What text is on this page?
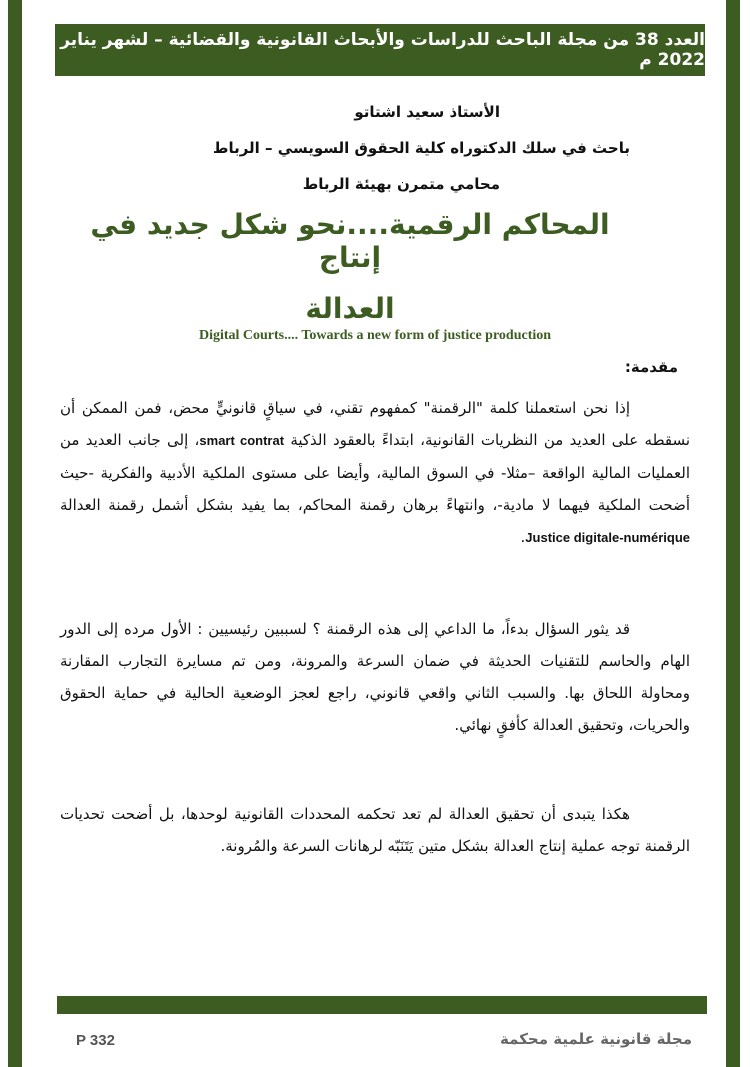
العدد 38 من مجلة الباحث للدراسات والأبحاث القانونية والقضائية – لشهر يناير 2022 م
الأستاذ سعيد اشتاتو
باحث في سلك الدكتوراه كلية الحقوق السويسي – الرباط
محامي متمرن بهيئة الرباط
المحاكم الرقمية....نحو شكل جديد في إنتاج
العدالة
Digital Courts.... Towards a new form of justice production
مقدمة:
إذا نحن استعملنا كلمة "الرقمنة" كمفهوم تقني، في سياقٍ قانونيٍّ محض، فمن الممكن أن نسقطه على العديد من النظريات القانونية، ابتداءً بالعقود الذكية smart contrat، إلى جانب العديد من العمليات المالية الواقعة –مثلا- في السوق المالية، وأيضا على مستوى الملكية الأدبية والفكرية -حيث أضحت الملكية فيهما لا مادية-، وانتهاءً برهان رقمنة المحاكم، بما يفيد بشكل أشمل رقمنة العدالة Justice digitale-numérique.
قد يثور السؤال بدءاً، ما الداعي إلى هذه الرقمنة ؟ لسببين رئيسيين : الأول مرده إلى الدور الهام والحاسم للتقنيات الحديثة في ضمان السرعة والمرونة، ومن تم مسايرة التجارب المقارنة ومحاولة اللحاق بها. والسبب الثاني واقعي قانوني، راجع لعجز الوضعية الحالية في حماية الحقوق والحريات، وتحقيق العدالة كأفقٍ نهائي.
هكذا يتبدى أن تحقيق العدالة لم تعد تحكمه المحددات القانونية لوحدها، بل أضحت تحديات الرقمنة توجه عملية إنتاج العدالة بشكل متين يَتَنَبّه لرهانات السرعة والمُرونة.
P 332	مجلة قانونية علمية محكمة
